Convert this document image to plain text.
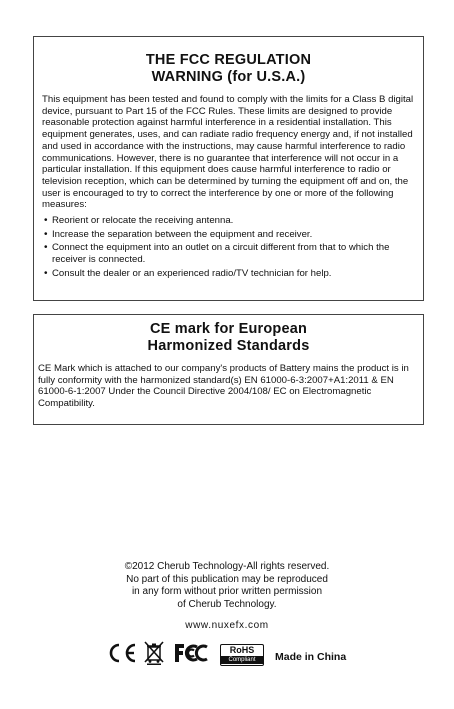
THE FCC REGULATION
WARNING (for U.S.A.)

This equipment has been tested and found to comply with the limits for a Class B digital device, pursuant to Part 15 of the FCC Rules. These limits are designed to provide reasonable protection against harmful interference in a residential installation. This equipment generates, uses, and can radiate radio frequency energy and, if not installed and used in accordance with the instructions, may cause harmful interference to radio communications. However, there is no guarantee that interference will not occur in a particular installation. If this equipment does cause harmful interference to radio or television reception, which can be determined by turning the equipment off and on, the user is encouraged to try to correct the interference by one or more of the following measures:

• Reorient or relocate the receiving antenna.
• Increase the separation between the equipment and receiver.
• Connect the equipment into an outlet on a circuit different from that to which the receiver is connected.
• Consult the dealer or an experienced radio/TV technician for help.

CE mark for European
Harmonized Standards

CE Mark which is attached to our company's products of Battery mains the product is in fully conformity with the harmonized standard(s) EN 61000-6-3:2007+A1:2011 & EN 61000-6-1:2007 Under the Council Directive 2004/108/ EC on Electromagnetic Compatibility.

©2012 Cherub Technology-All rights reserved.

No part of this publication may be reproduced

in any form without prior written permission

of Cherub Technology.

www.nuxefx.com
RoHS
Compliant	Made in China
